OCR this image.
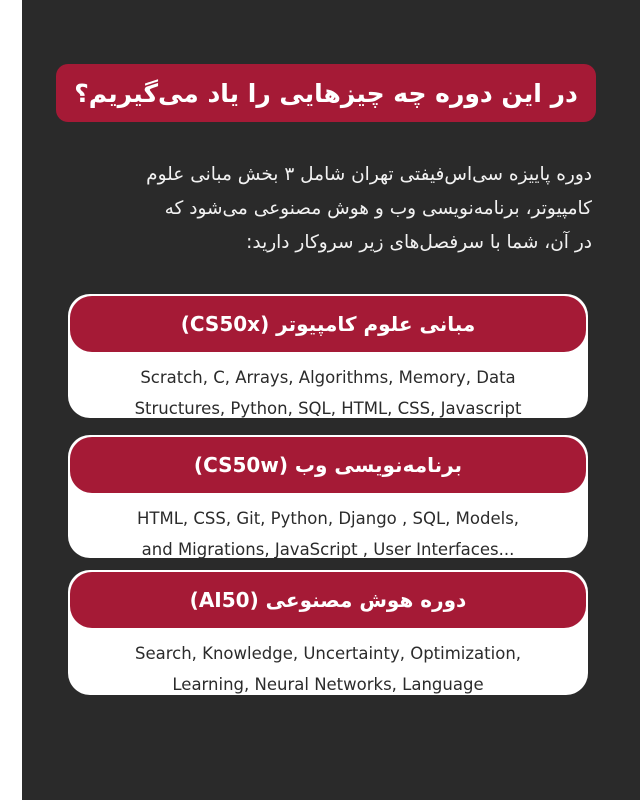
در این دوره چه چیزهایی را یاد می‌گیریم؟
دوره پاییزه سی‌اس‌فیفتی تهران شامل ۳ بخش مبانی علوم
کامپیوتر، برنامه‌نویسی وب و هوش مصنوعی می‌شود که
در آن، شما با سرفصل‌های زیر سروکار دارید:
مبانی علوم کامپیوتر (CS50x)
Scratch, C, Arrays, Algorithms, Memory, Data
Structures, Python, SQL, HTML, CSS, Javascript
برنامه‌نویسی وب (CS50w)
HTML, CSS, Git, Python, Django , SQL, Models,
and Migrations, JavaScript , User Interfaces...
دوره هوش مصنوعی (AI50)
Search, Knowledge, Uncertainty, Optimization,
Learning, Neural Networks, Language
